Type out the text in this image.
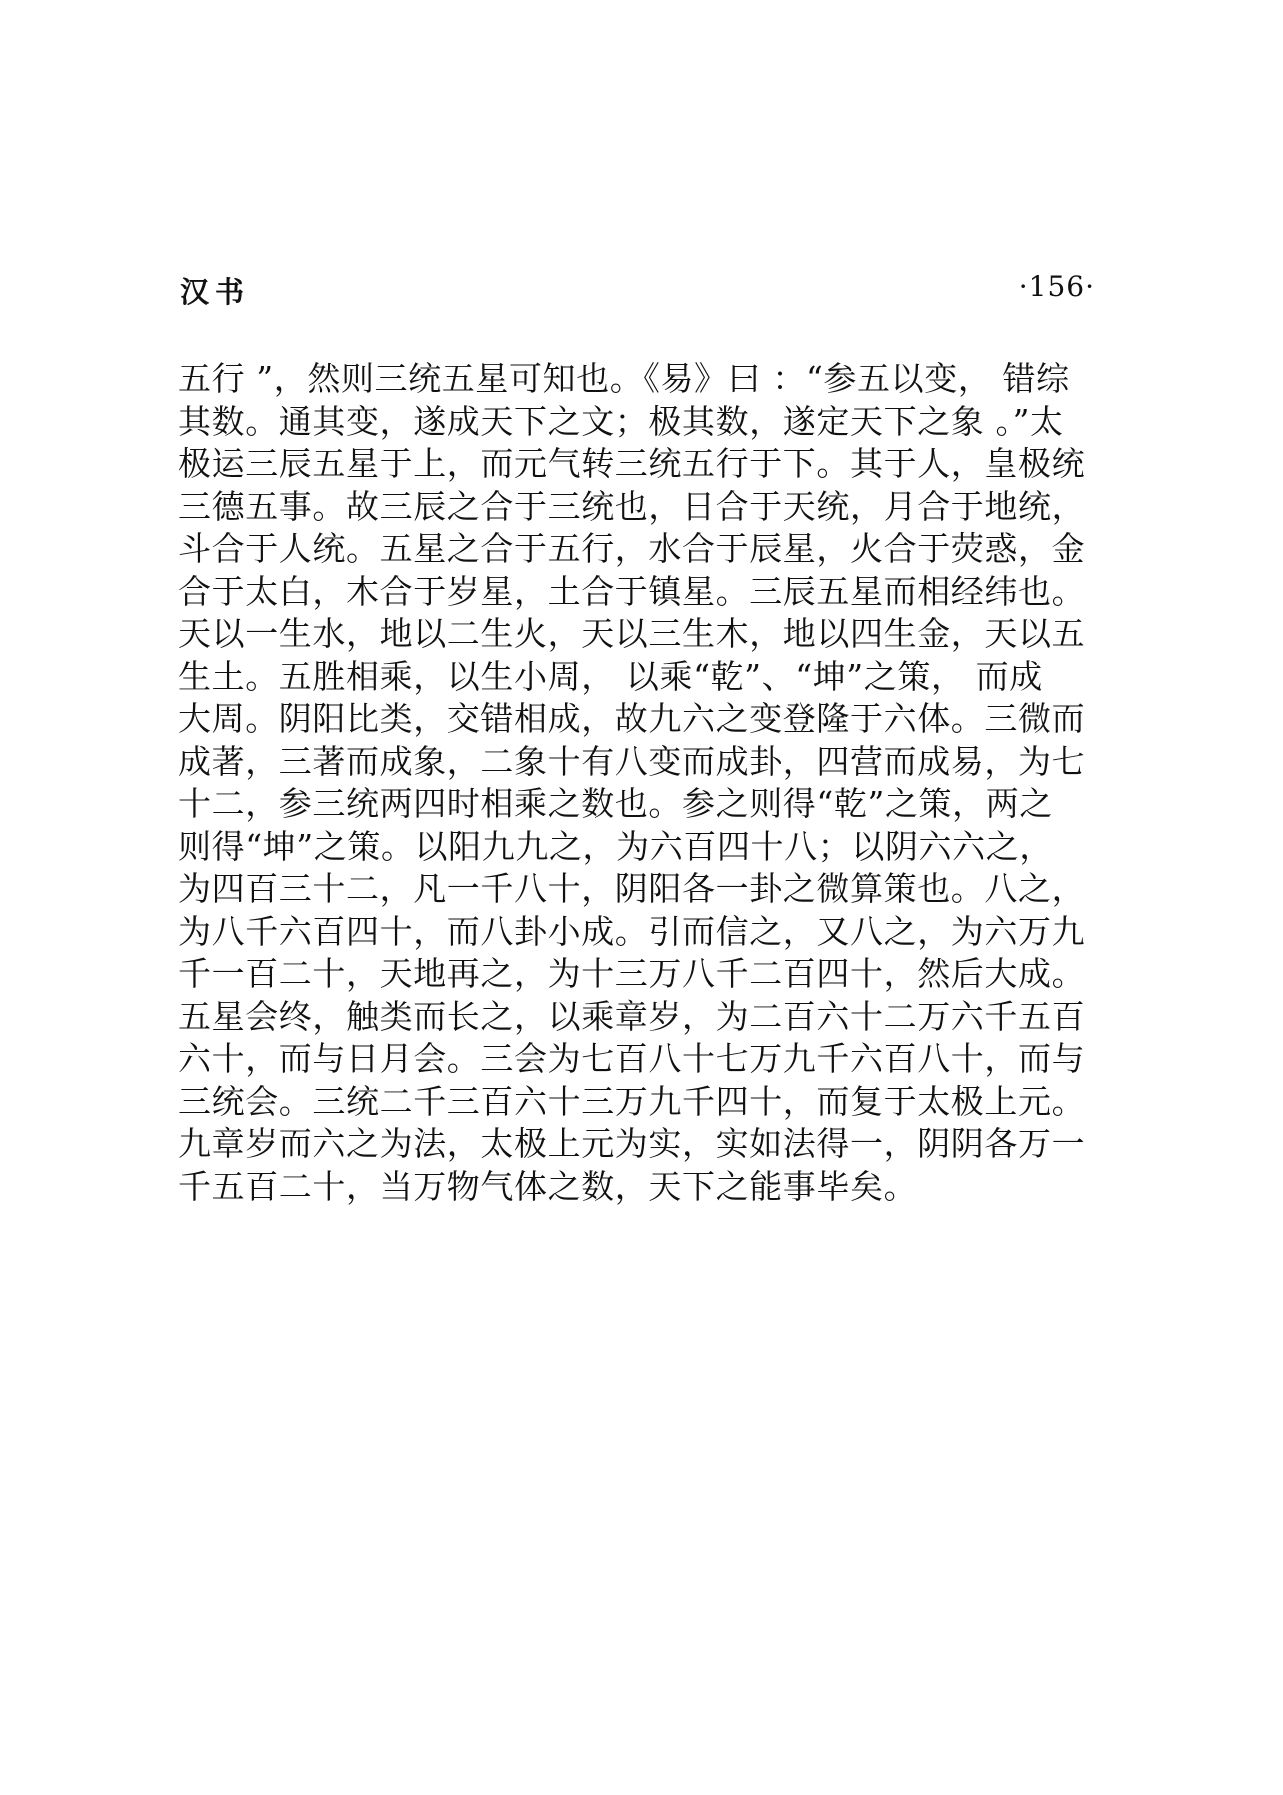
汉书	·156·
五行 ”，然则三统五星可知也。《易》曰 ：“参五以变， 错综
其数。通其变，遂成天下之文；极其数，遂定天下之象 。”太
极运三辰五星于上，而元气转三统五行于下。其于人，皇极统
三德五事。故三辰之合于三统也，日合于天统，月合于地统，
斗合于人统。五星之合于五行，水合于辰星，火合于荧惑，金
合于太白，木合于岁星，土合于镇星。三辰五星而相经纬也。
天以一生水，地以二生火，天以三生木，地以四生金，天以五
生土。五胜相乘，以生小周， 以乘“乾”、“坤”之策， 而成
大周。阴阳比类，交错相成，故九六之变登隆于六体。三微而
成著，三著而成象，二象十有八变而成卦，四营而成易，为七
十二，参三统两四时相乘之数也。参之则得“乾”之策，两之
则得“坤”之策。以阳九九之，为六百四十八；以阴六六之，
为四百三十二，凡一千八十，阴阳各一卦之微算策也。八之，
为八千六百四十，而八卦小成。引而信之，又八之，为六万九
千一百二十，天地再之，为十三万八千二百四十，然后大成。
五星会终，触类而长之，以乘章岁，为二百六十二万六千五百
六十，而与日月会。三会为七百八十七万九千六百八十，而与
三统会。三统二千三百六十三万九千四十，而复于太极上元。
九章岁而六之为法，太极上元为实，实如法得一，阴阴各万一
千五百二十，当万物气体之数，天下之能事毕矣。
